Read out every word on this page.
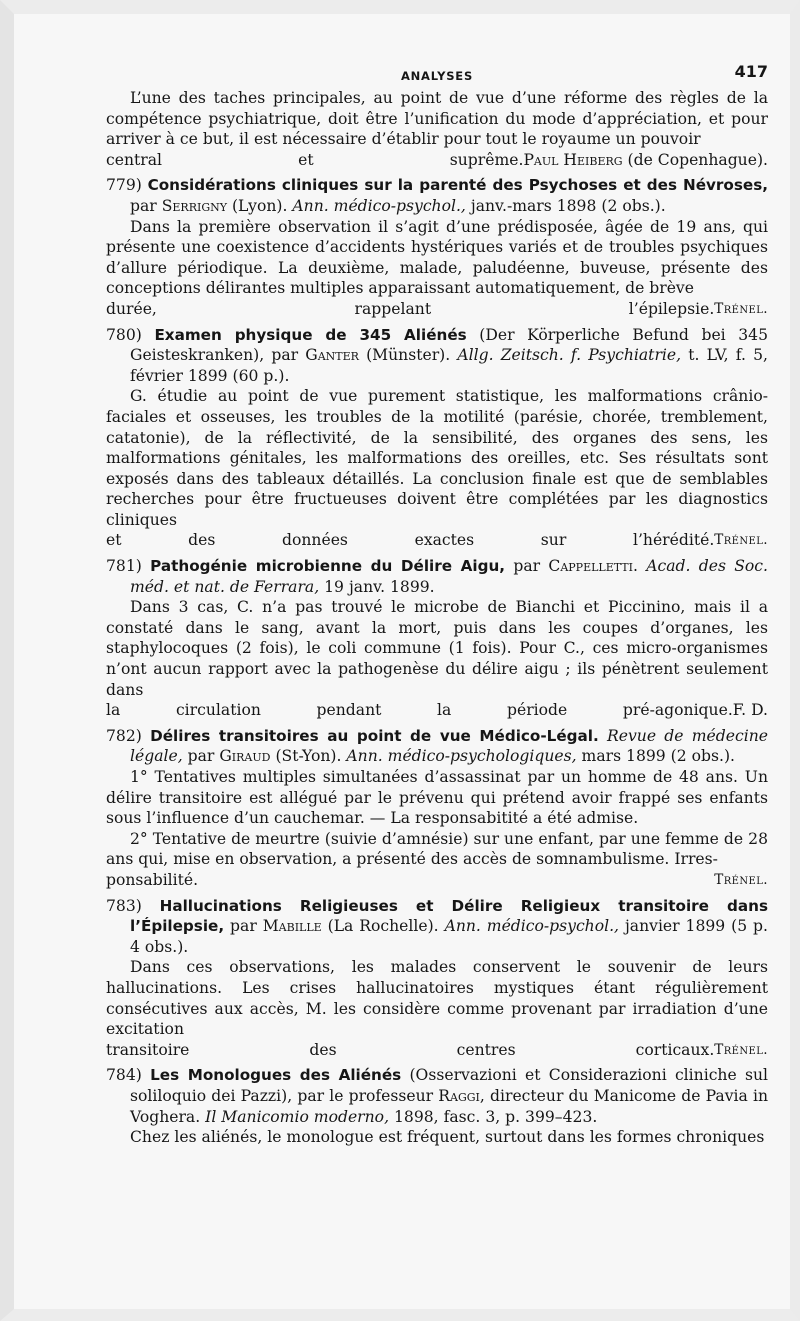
ANALYSES	417

L’une des taches principales, au point de vue d’une réforme des règles de la compétence psychiatrique, doit être l’unification du mode d’appréciation, et pour arriver à ce but, il est nécessaire d’établir pour tout le royaume un pouvoir

central et suprême. Paul Heiberg (de Copenhague).

779) Considérations cliniques sur la parenté des Psychoses et des Névroses, par Serrigny (Lyon). Ann. médico-psychol., janv.-mars 1898 (2 obs.).

Dans la première observation il s’agit d’une prédisposée, âgée de 19 ans, qui présente une coexistence d’accidents hystériques variés et de troubles psychiques d’allure périodique. La deuxième, malade, paludéenne, buveuse, présente des conceptions délirantes multiples apparaissant automatiquement, de brève

durée, rappelant l’épilepsie. Trénel.

780) Examen physique de 345 Aliénés (Der Körperliche Befund bei 345 Geisteskranken), par Ganter (Münster). Allg. Zeitsch. f. Psychiatrie, t. LV, f. 5, février 1899 (60 p.).

G. étudie au point de vue purement statistique, les malformations crânio-faciales et osseuses, les troubles de la motilité (parésie, chorée, tremblement, catatonie), de la réflectivité, de la sensibilité, des organes des sens, les malformations génitales, les malformations des oreilles, etc. Ses résultats sont exposés dans des tableaux détaillés. La conclusion finale est que de semblables recherches pour être fructueuses doivent être complétées par les diagnostics cliniques

et des données exactes sur l’hérédité. Trénel.

781) Pathogénie microbienne du Délire Aigu, par Cappelletti. Acad. des Soc. méd. et nat. de Ferrara, 19 janv. 1899.

Dans 3 cas, C. n’a pas trouvé le microbe de Bianchi et Piccinino, mais il a constaté dans le sang, avant la mort, puis dans les coupes d’organes, les staphylocoques (2 fois), le coli commune (1 fois). Pour C., ces micro-organismes n’ont aucun rapport avec la pathogenèse du délire aigu ; ils pénètrent seulement dans

la circulation pendant la période pré-agonique. F. D.

782) Délires transitoires au point de vue Médico-Légal. Revue de médecine légale, par Giraud (St-Yon). Ann. médico-psychologiques, mars 1899 (2 obs.).

1° Tentatives multiples simultanées d’assassinat par un homme de 48 ans. Un délire transitoire est allégué par le prévenu qui prétend avoir frappé ses enfants sous l’influence d’un cauchemar. — La responsabitité a été admise.

2° Tentative de meurtre (suivie d’amnésie) sur une enfant, par une femme de 28 ans qui, mise en observation, a présenté des accès de somnambulisme. Irres-

ponsabilité.	Trénel.

783) Hallucinations Religieuses et Délire Religieux transitoire dans l’Épilepsie, par Mabille (La Rochelle). Ann. médico-psychol., janvier 1899 (5 p. 4 obs.).

Dans ces observations, les malades conservent le souvenir de leurs hallucinations. Les crises hallucinatoires mystiques étant régulièrement consécutives aux accès, M. les considère comme provenant par irradiation d’une excitation

transitoire des centres corticaux. Trénel.

784) Les Monologues des Aliénés (Osservazioni et Considerazioni cliniche sul soliloquio dei Pazzi), par le professeur Raggi, directeur du Manicome de Pavia in Voghera. Il Manicomio moderno, 1898, fasc. 3, p. 399–423.

Chez les aliénés, le monologue est fréquent, surtout dans les formes chroniques
